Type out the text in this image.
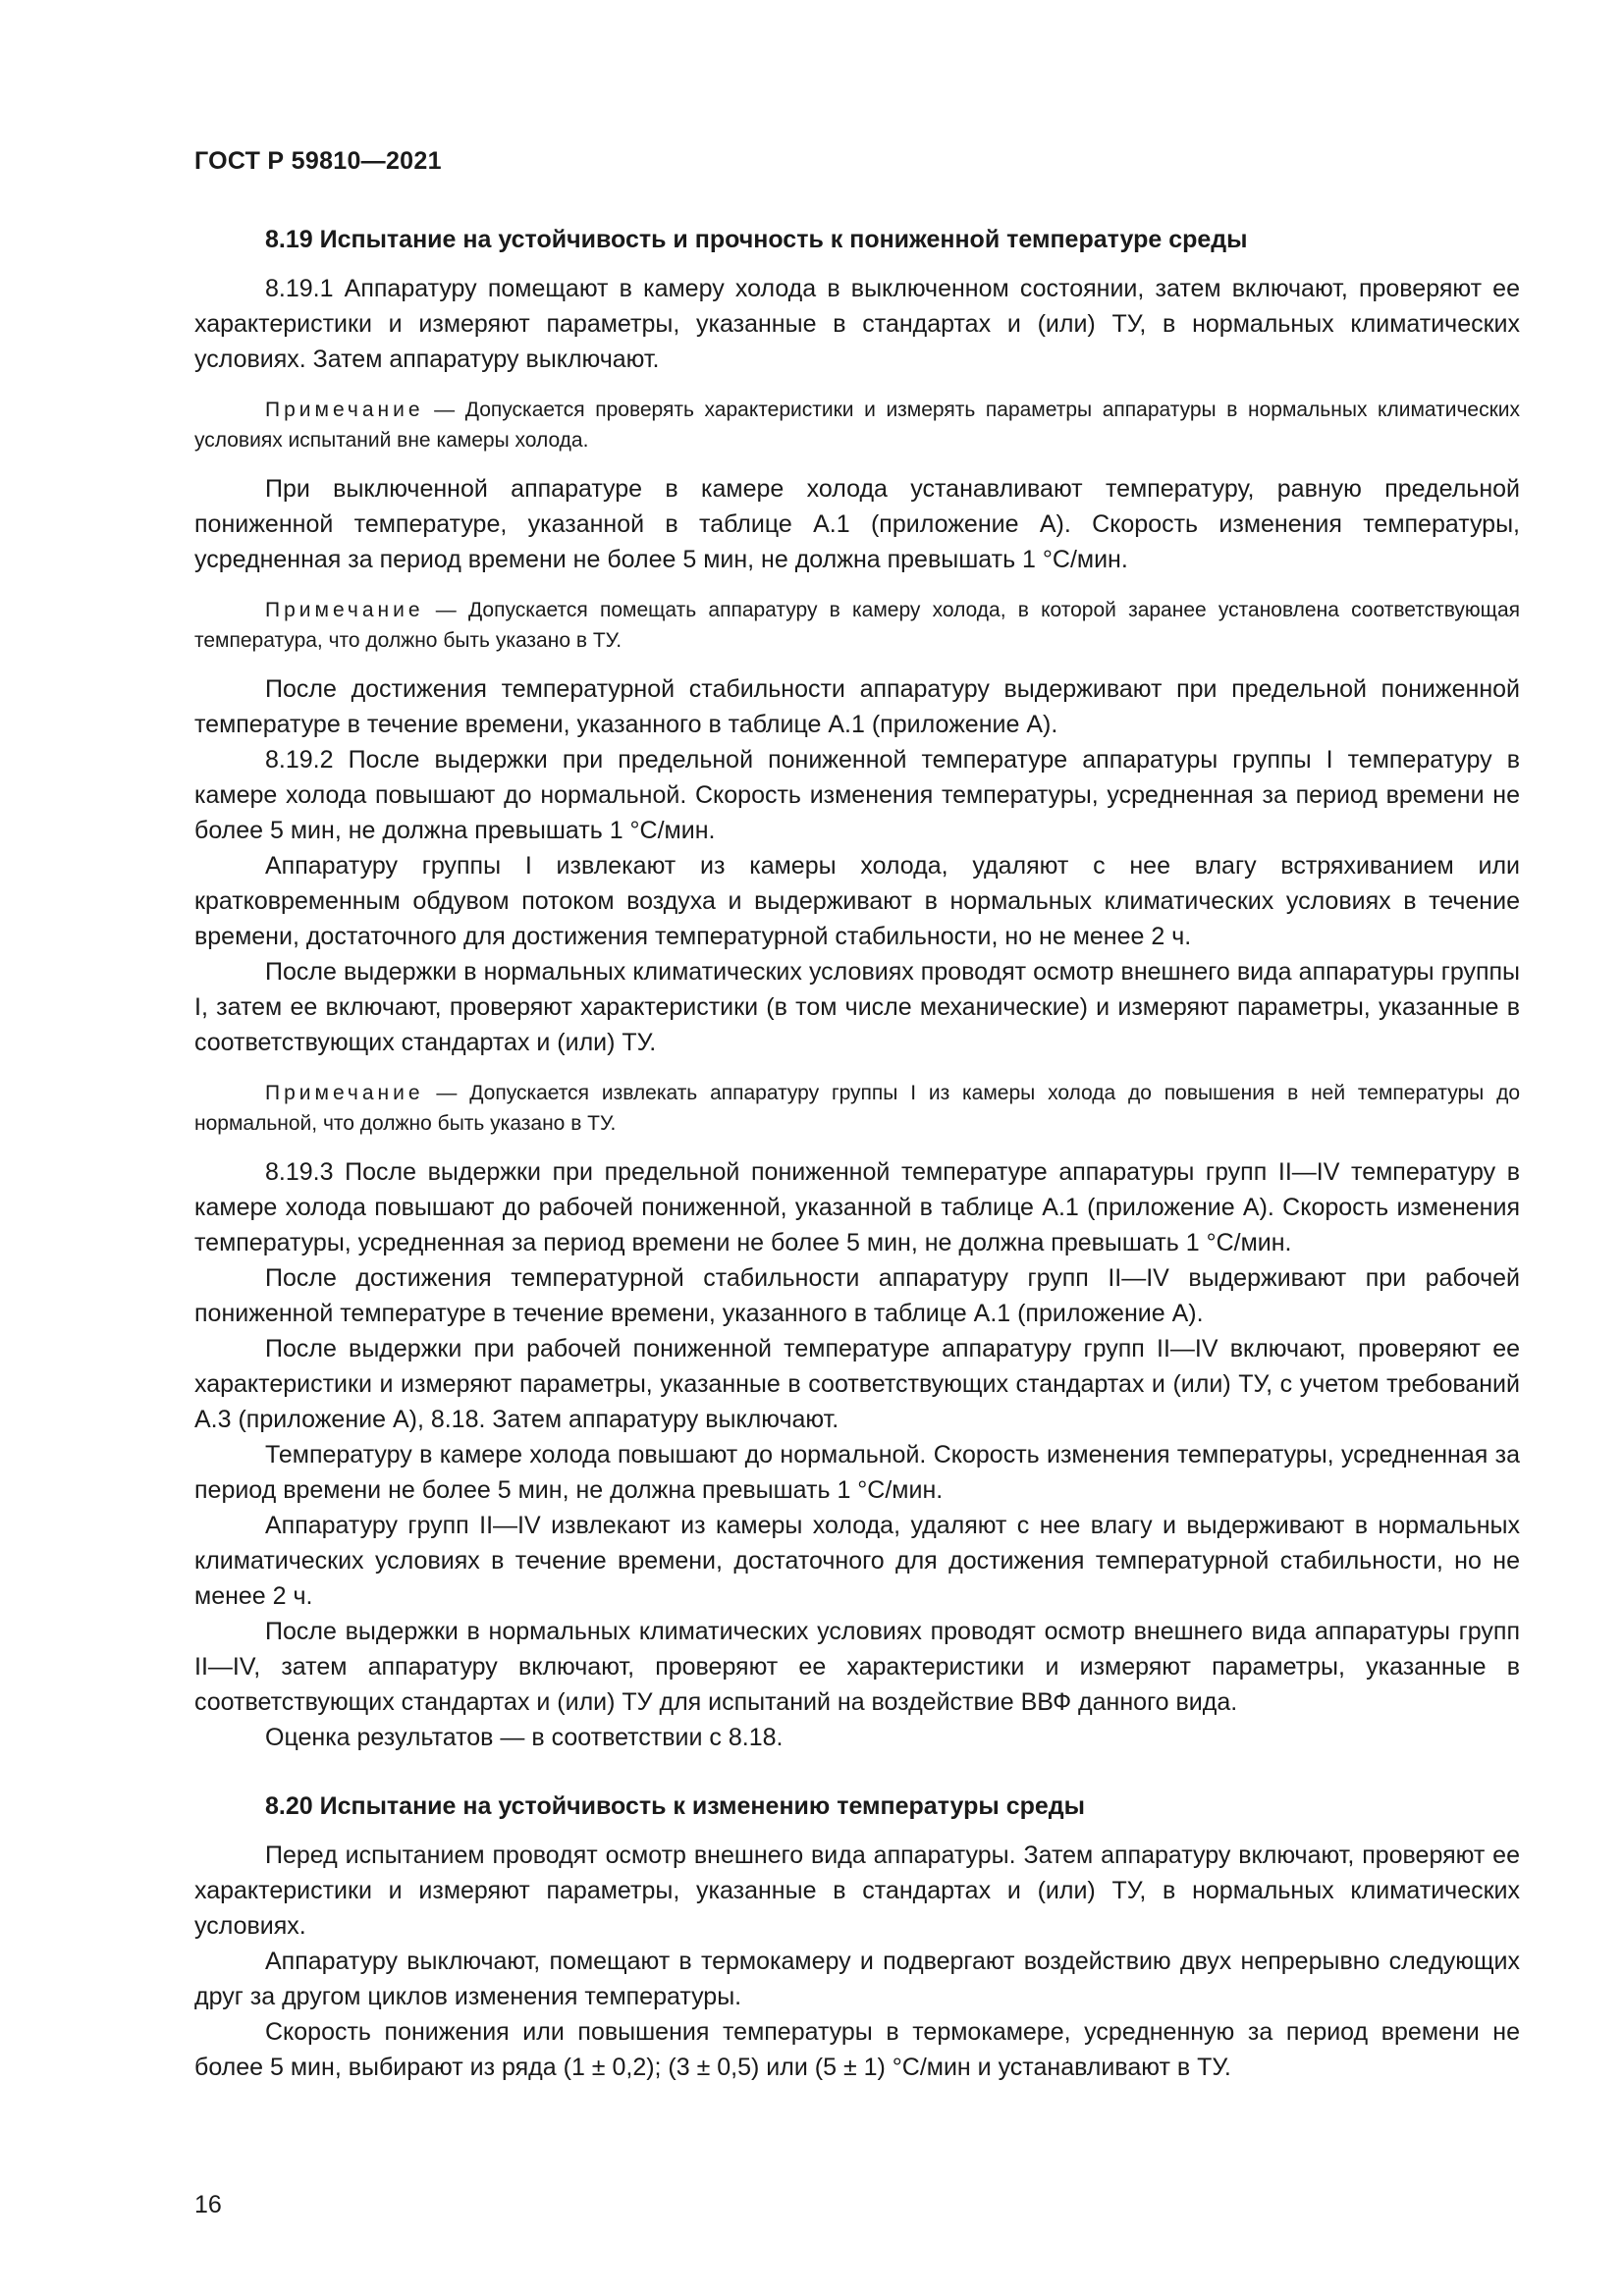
ГОСТ Р 59810—2021
8.19 Испытание на устойчивость и прочность к пониженной температуре среды
8.19.1 Аппаратуру помещают в камеру холода в выключенном состоянии, затем включают, проверяют ее характеристики и измеряют параметры, указанные в стандартах и (или) ТУ, в нормальных климатических условиях. Затем аппаратуру выключают.
Примечание — Допускается проверять характеристики и измерять параметры аппаратуры в нормальных климатических условиях испытаний вне камеры холода.
При выключенной аппаратуре в камере холода устанавливают температуру, равную предельной пониженной температуре, указанной в таблице А.1 (приложение А). Скорость изменения температуры, усредненная за период времени не более 5 мин, не должна превышать 1 °С/мин.
Примечание — Допускается помещать аппаратуру в камеру холода, в которой заранее установлена соответствующая температура, что должно быть указано в ТУ.
После достижения температурной стабильности аппаратуру выдерживают при предельной пониженной температуре в течение времени, указанного в таблице А.1 (приложение А).
8.19.2 После выдержки при предельной пониженной температуре аппаратуры группы I температуру в камере холода повышают до нормальной. Скорость изменения температуры, усредненная за период времени не более 5 мин, не должна превышать 1 °С/мин.
Аппаратуру группы I извлекают из камеры холода, удаляют с нее влагу встряхиванием или кратковременным обдувом потоком воздуха и выдерживают в нормальных климатических условиях в течение времени, достаточного для достижения температурной стабильности, но не менее 2 ч.
После выдержки в нормальных климатических условиях проводят осмотр внешнего вида аппаратуры группы I, затем ее включают, проверяют характеристики (в том числе механические) и измеряют параметры, указанные в соответствующих стандартах и (или) ТУ.
Примечание — Допускается извлекать аппаратуру группы I из камеры холода до повышения в ней температуры до нормальной, что должно быть указано в ТУ.
8.19.3 После выдержки при предельной пониженной температуре аппаратуры групп II—IV температуру в камере холода повышают до рабочей пониженной, указанной в таблице А.1 (приложение А). Скорость изменения температуры, усредненная за период времени не более 5 мин, не должна превышать 1 °С/мин.
После достижения температурной стабильности аппаратуру групп II—IV выдерживают при рабочей пониженной температуре в течение времени, указанного в таблице А.1 (приложение А).
После выдержки при рабочей пониженной температуре аппаратуру групп II—IV включают, проверяют ее характеристики и измеряют параметры, указанные в соответствующих стандартах и (или) ТУ, с учетом требований А.3 (приложение А), 8.18. Затем аппаратуру выключают.
Температуру в камере холода повышают до нормальной. Скорость изменения температуры, усредненная за период времени не более 5 мин, не должна превышать 1 °С/мин.
Аппаратуру групп II—IV извлекают из камеры холода, удаляют с нее влагу и выдерживают в нормальных климатических условиях в течение времени, достаточного для достижения температурной стабильности, но не менее 2 ч.
После выдержки в нормальных климатических условиях проводят осмотр внешнего вида аппаратуры групп II—IV, затем аппаратуру включают, проверяют ее характеристики и измеряют параметры, указанные в соответствующих стандартах и (или) ТУ для испытаний на воздействие ВВФ данного вида.
Оценка результатов — в соответствии с 8.18.
8.20 Испытание на устойчивость к изменению температуры среды
Перед испытанием проводят осмотр внешнего вида аппаратуры. Затем аппаратуру включают, проверяют ее характеристики и измеряют параметры, указанные в стандартах и (или) ТУ, в нормальных климатических условиях.
Аппаратуру выключают, помещают в термокамеру и подвергают воздействию двух непрерывно следующих друг за другом циклов изменения температуры.
Скорость понижения или повышения температуры в термокамере, усредненную за период времени не более 5 мин, выбирают из ряда (1 ± 0,2); (3 ± 0,5) или (5 ± 1) °С/мин и устанавливают в ТУ.
16
